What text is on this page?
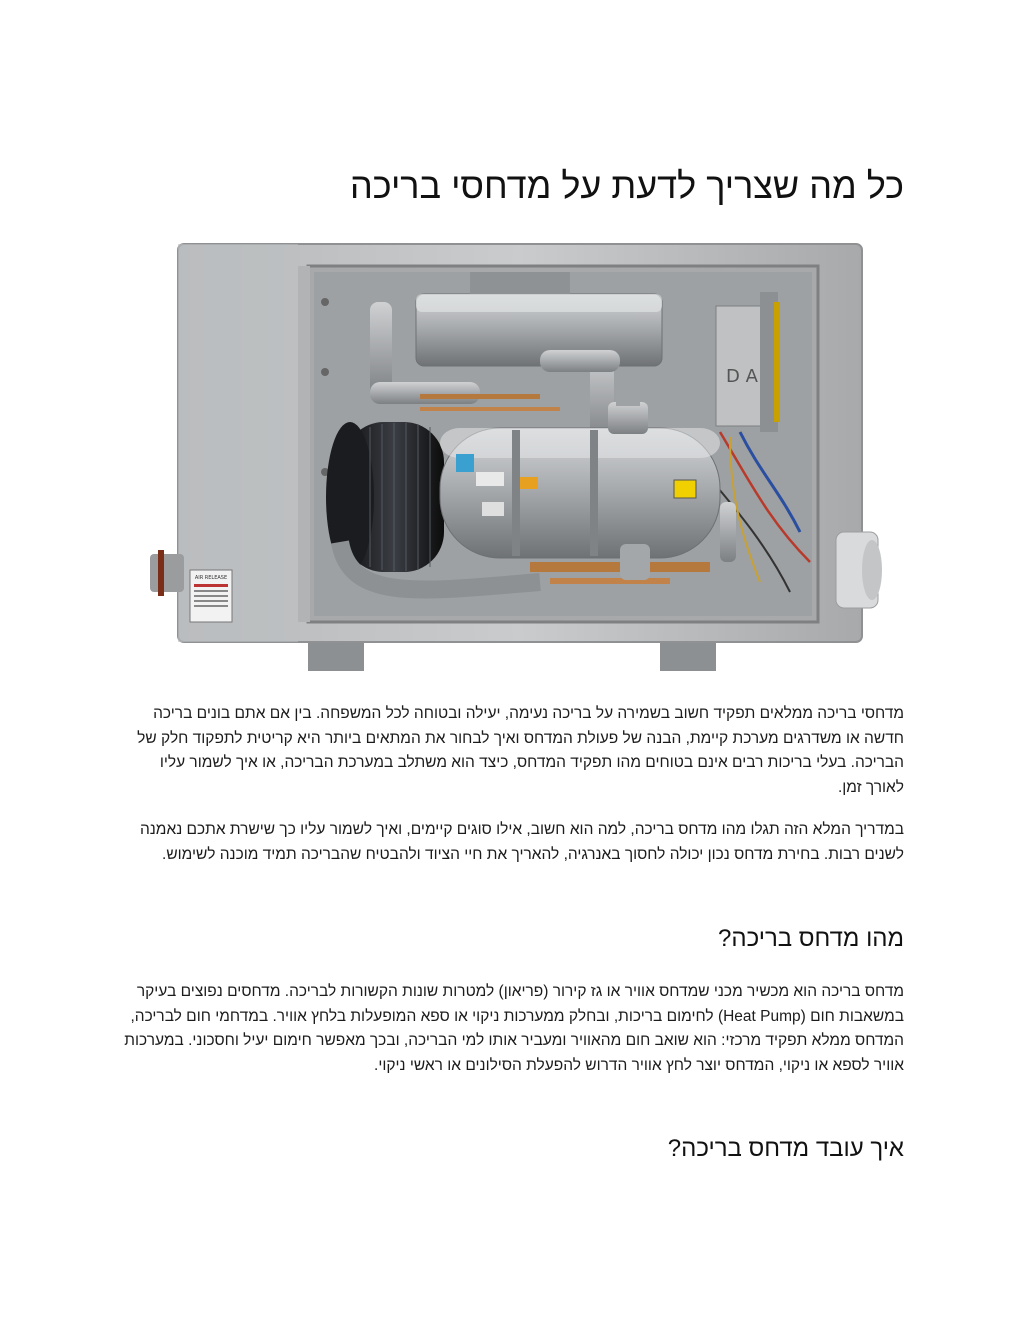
כל מה שצריך לדעת על מדחסי בריכה
AIR RELEASE
D A

מדחסי בריכה ממלאים תפקיד חשוב בשמירה על בריכה נעימה, יעילה ובטוחה לכל המשפחה. בין אם אתם בונים בריכה חדשה או משדרגים מערכת קיימת, הבנה של פעולת המדחס ואיך לבחור את המתאים ביותר היא קריטית לתפקוד חלק של הבריכה. בעלי בריכות רבים אינם בטוחים מהו תפקיד המדחס, כיצד הוא משתלב במערכת הבריכה, או איך לשמור עליו לאורך זמן.

במדריך המלא הזה תגלו מהו מדחס בריכה, למה הוא חשוב, אילו סוגים קיימים, ואיך לשמור עליו כך שישרת אתכם נאמנה לשנים רבות. בחירת מדחס נכון יכולה לחסוך באנרגיה, להאריך את חיי הציוד ולהבטיח שהבריכה תמיד מוכנה לשימוש.

מהו מדחס בריכה?

מדחס בריכה הוא מכשיר מכני שמדחס אוויר או גז קירור (פריאון) למטרות שונות הקשורות לבריכה. מדחסים נפוצים בעיקר במשאבות חום (Heat Pump) לחימום בריכות, ובחלק ממערכות ניקוי או ספא המופעלות בלחץ אוויר. במדחמי חום לבריכה, המדחס ממלא תפקיד מרכזי: הוא שואב חום מהאוויר ומעביר אותו למי הבריכה, ובכך מאפשר חימום יעיל וחסכוני. במערכות אוויר לספא או ניקוי, המדחס יוצר לחץ אוויר הדרוש להפעלת הסילונים או ראשי ניקוי.

איך עובד מדחס בריכה?
